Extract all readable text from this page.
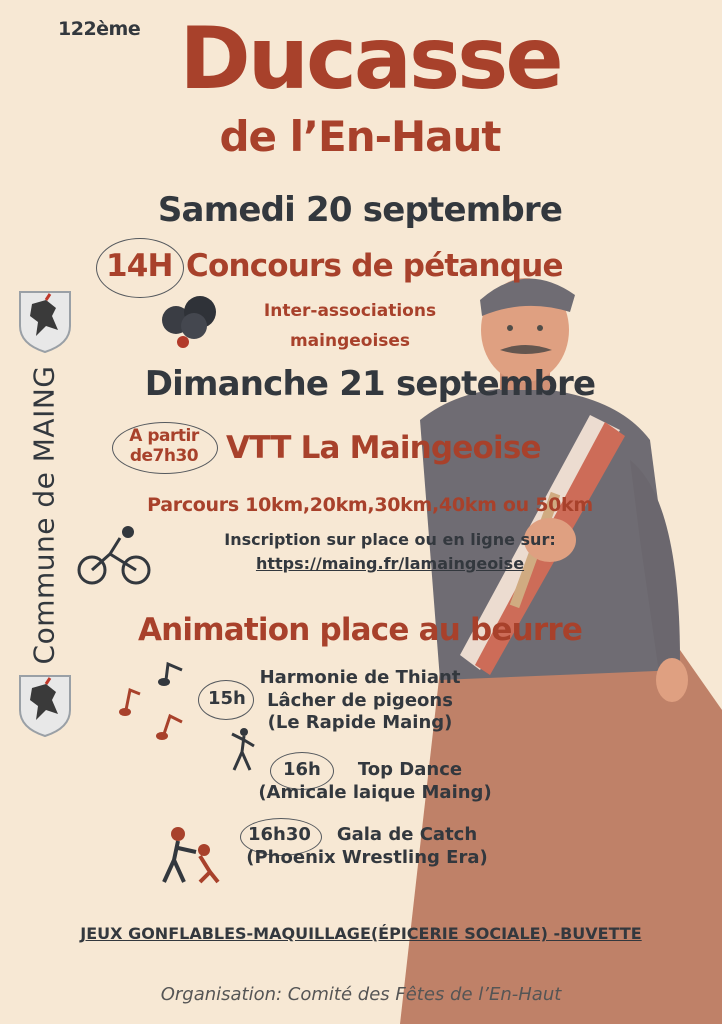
122ème Ducasse
de l’En-Haut
Samedi 20 septembre
14H Concours de pétanque
Inter-associations
maingeoises
Dimanche 21 septembre
A partir
de7h30 VTT La Maingeoise
Parcours 10km,20km,30km,40km ou 50km
Inscription sur place ou en ligne sur:
https://maing.fr/lamaingeoise
Animation place au beurre
15h
Harmonie de Thiant
Lâcher de pigeons
(Le Rapide Maing)
16h	Top Dance
(Amicale laique Maing)
16h30	Gala de Catch
(Phoenix Wrestling Era)
Commune de MAING
JEUX GONFLABLES-MAQUILLAGE(ÉPICERIE SOCIALE) -BUVETTE
Organisation: Comité des Fêtes de l’En-Haut
